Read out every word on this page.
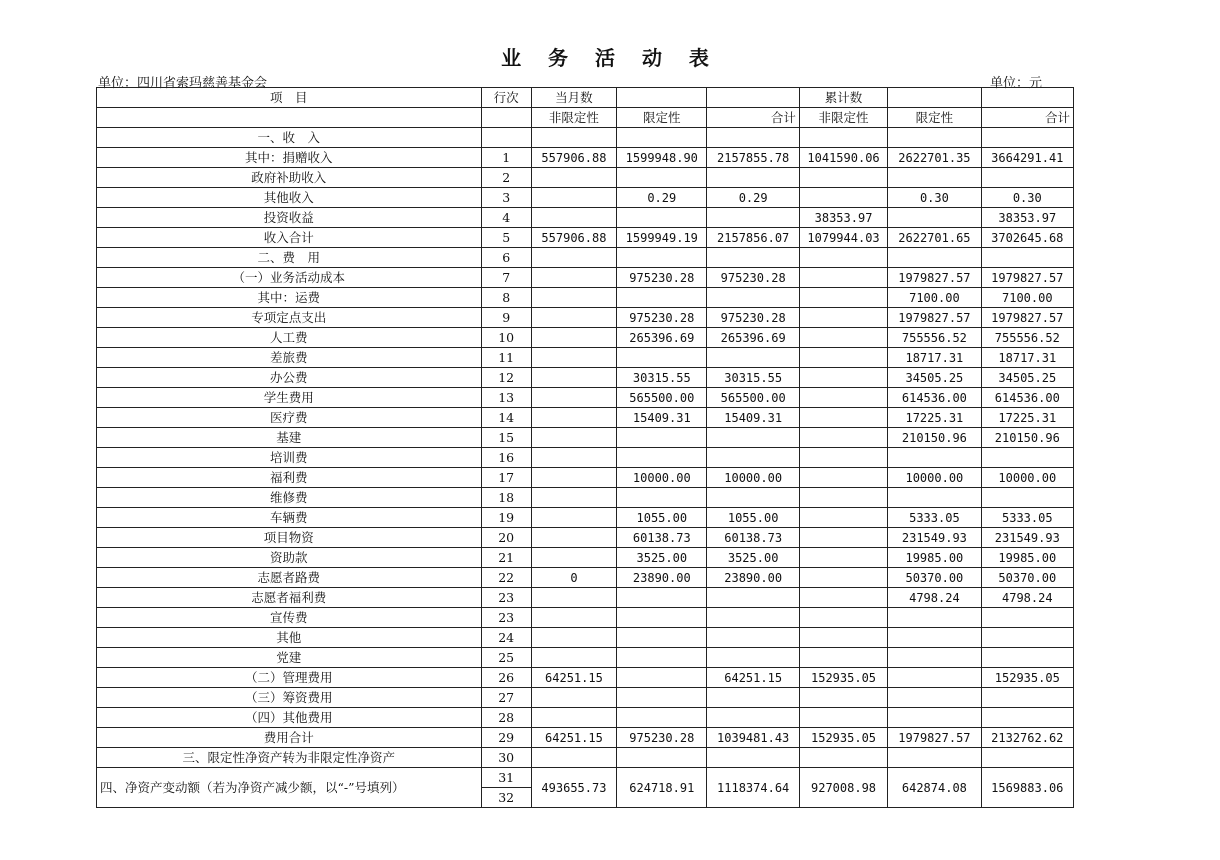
业 务 活 动 表
单位：四川省索玛慈善基金会	单位：元
项　目	行次	当月数			累计数		
		非限定性	限定性	合计	非限定性	限定性	合计
一、收　入							
其中：捐赠收入	1	557906.88	1599948.90	2157855.78	1041590.06	2622701.35	3664291.41
政府补助收入	2						
其他收入	3		0.29	0.29		0.30	0.30
投资收益	4				38353.97		38353.97
收入合计	5	557906.88	1599949.19	2157856.07	1079944.03	2622701.65	3702645.68
二、费　用	6						
（一）业务活动成本	7		975230.28	975230.28		1979827.57	1979827.57
其中：运费	8					7100.00	7100.00
专项定点支出	9		975230.28	975230.28		1979827.57	1979827.57
人工费	10		265396.69	265396.69		755556.52	755556.52
差旅费	11					18717.31	18717.31
办公费	12		30315.55	30315.55		34505.25	34505.25
学生费用	13		565500.00	565500.00		614536.00	614536.00
医疗费	14		15409.31	15409.31		17225.31	17225.31
基建	15					210150.96	210150.96
培训费	16						
福利费	17		10000.00	10000.00		10000.00	10000.00
维修费	18						
车辆费	19		1055.00	1055.00		5333.05	5333.05
项目物资	20		60138.73	60138.73		231549.93	231549.93
资助款	21		3525.00	3525.00		19985.00	19985.00
志愿者路费	22	0	23890.00	23890.00		50370.00	50370.00
志愿者福利费	23					4798.24	4798.24
宣传费	23						
其他	24						
党建	25						
（二）管理费用	26	64251.15		64251.15	152935.05		152935.05
（三）筹资费用	27						
（四）其他费用	28						
费用合计	29	64251.15	975230.28	1039481.43	152935.05	1979827.57	2132762.62
三、限定性净资产转为非限定性净资产	30						
四、净资产变动额（若为净资产减少额，以“-”号填列）	31	493655.73	624718.91	1118374.64	927008.98	642874.08	1569883.06
	32						
